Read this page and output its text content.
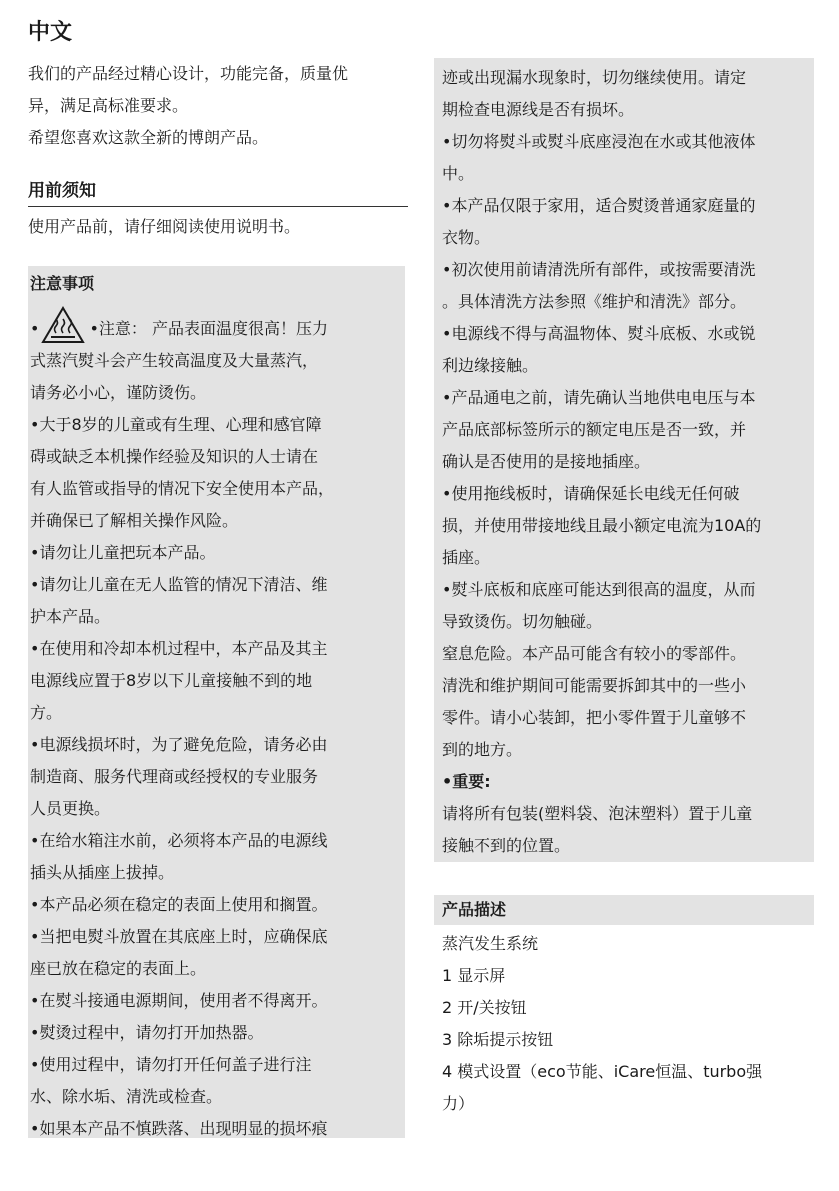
中文

我们的产品经过精心设计，功能完备，质量优

异，满足高标准要求。

希望您喜欢这款全新的博朗产品。

用前须知

使用产品前，请仔细阅读使用说明书。

注意事项

•	•注意： 产品表面温度很高！压力

式蒸汽熨斗会产生较高温度及大量蒸汽，

请务必小心，谨防烫伤。

•大于8岁的儿童或有生理、心理和感官障

碍或缺乏本机操作经验及知识的人士请在

有人监管或指导的情况下安全使用本产品，

并确保已了解相关操作风险。

•请勿让儿童把玩本产品。

•请勿让儿童在无人监管的情况下清洁、维

护本产品。

•在使用和冷却本机过程中，本产品及其主

电源线应置于8岁以下儿童接触不到的地

方。

•电源线损坏时，为了避免危险，请务必由

制造商、服务代理商或经授权的专业服务

人员更换。

•在给水箱注水前，必须将本产品的电源线

插头从插座上拔掉。

•本产品必须在稳定的表面上使用和搁置。

•当把电熨斗放置在其底座上时，应确保底

座已放在稳定的表面上。

•在熨斗接通电源期间，使用者不得离开。

•熨烫过程中，请勿打开加热器。

•使用过程中，请勿打开任何盖子进行注

水、除水垢、清洗或检查。

•如果本产品不慎跌落、出现明显的损坏痕

迹或出现漏水现象时，切勿继续使用。请定

期检查电源线是否有损坏。

•切勿将熨斗或熨斗底座浸泡在水或其他液体

中。

•本产品仅限于家用，适合熨烫普通家庭量的

衣物。

•初次使用前请清洗所有部件，或按需要清洗

。具体清洗方法参照《维护和清洗》部分。

•电源线不得与高温物体、熨斗底板、水或锐

利边缘接触。

•产品通电之前，请先确认当地供电电压与本

产品底部标签所示的额定电压是否一致，并

确认是否使用的是接地插座。

•使用拖线板时，请确保延长电线无任何破

损，并使用带接地线且最小额定电流为10A的

插座。

•熨斗底板和底座可能达到很高的温度，从而

导致烫伤。切勿触碰。

窒息危险。本产品可能含有较小的零部件。

清洗和维护期间可能需要拆卸其中的一些小

零件。请小心装卸，把小零件置于儿童够不

到的地方。

•重要:

请将所有包装(塑料袋、泡沫塑料）置于儿童

接触不到的位置。

产品描述

蒸汽发生系统

1 显示屏

2 开/关按钮

3 除垢提示按钮

4 模式设置（eco节能、iCare恒温、turbo强

力）
